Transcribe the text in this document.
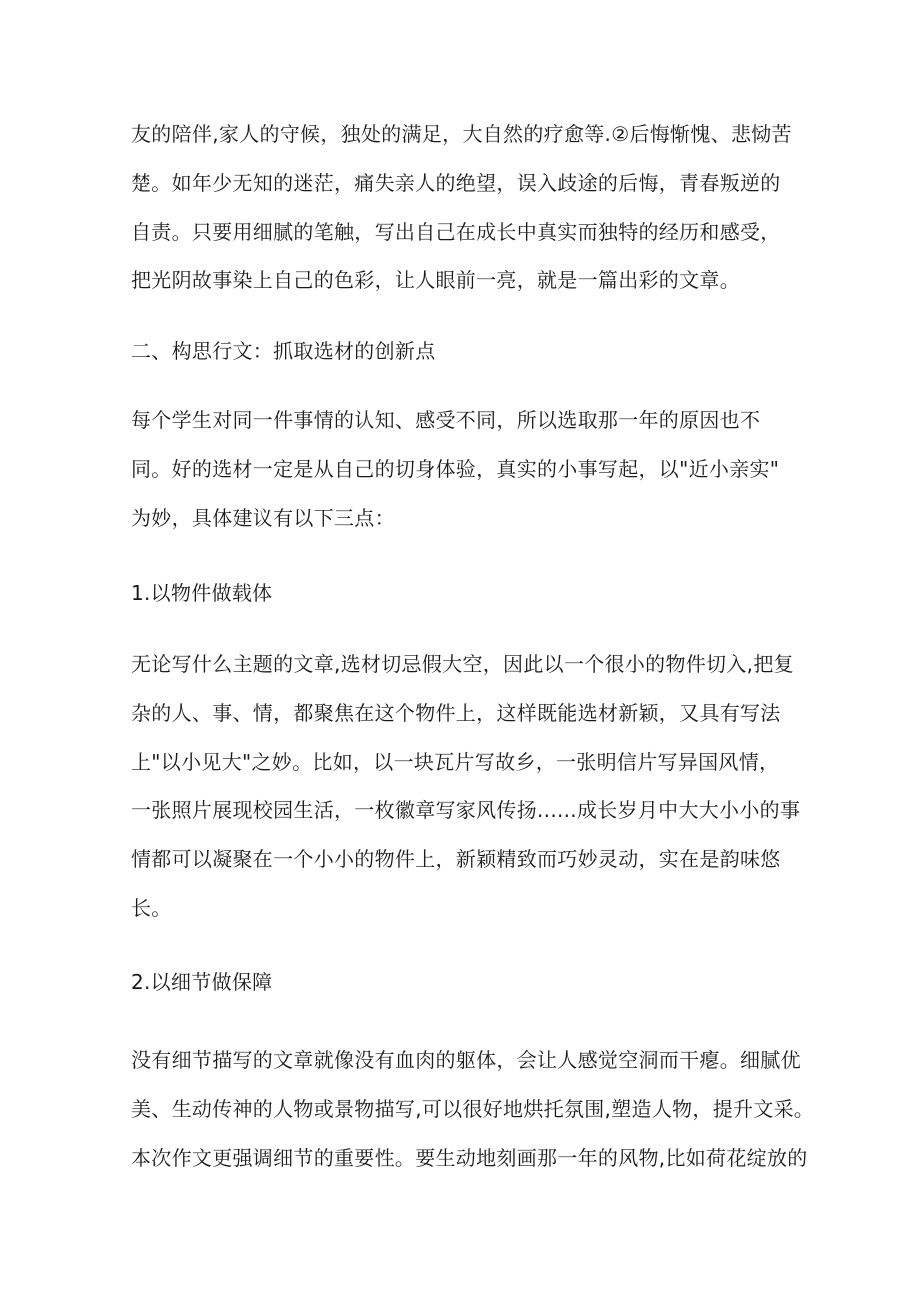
友的陪伴,家人的守候，独处的满足，大自然的疗愈等.②后悔惭愧、悲恸苦
楚。如年少无知的迷茫，痛失亲人的绝望，误入歧途的后悔，青春叛逆的
自责。只要用细腻的笔触，写出自己在成长中真实而独特的经历和感受，
把光阴故事染上自己的色彩，让人眼前一亮，就是一篇出彩的文章。
二、构思行文：抓取选材的创新点
每个学生对同一件事情的认知、感受不同，所以选取那一年的原因也不
同。好的选材一定是从自己的切身体验，真实的小事写起，以"近小亲实"
为妙，具体建议有以下三点：
1.以物件做载体
无论写什么主题的文章,选材切忌假大空，因此以一个很小的物件切入,把复
杂的人、事、情，都聚焦在这个物件上，这样既能选材新颖，又具有写法
上"以小见大"之妙。比如，以一块瓦片写故乡，一张明信片写异国风情，
一张照片展现校园生活，一枚徽章写家风传扬......成长岁月中大大小小的事
情都可以凝聚在一个小小的物件上，新颖精致而巧妙灵动，实在是韵味悠
长。
2.以细节做保障
没有细节描写的文章就像没有血肉的躯体，会让人感觉空洞而干瘪。细腻优
美、生动传神的人物或景物描写,可以很好地烘托氛围,塑造人物，提升文采。
本次作文更强调细节的重要性。要生动地刻画那一年的风物,比如荷花绽放的
